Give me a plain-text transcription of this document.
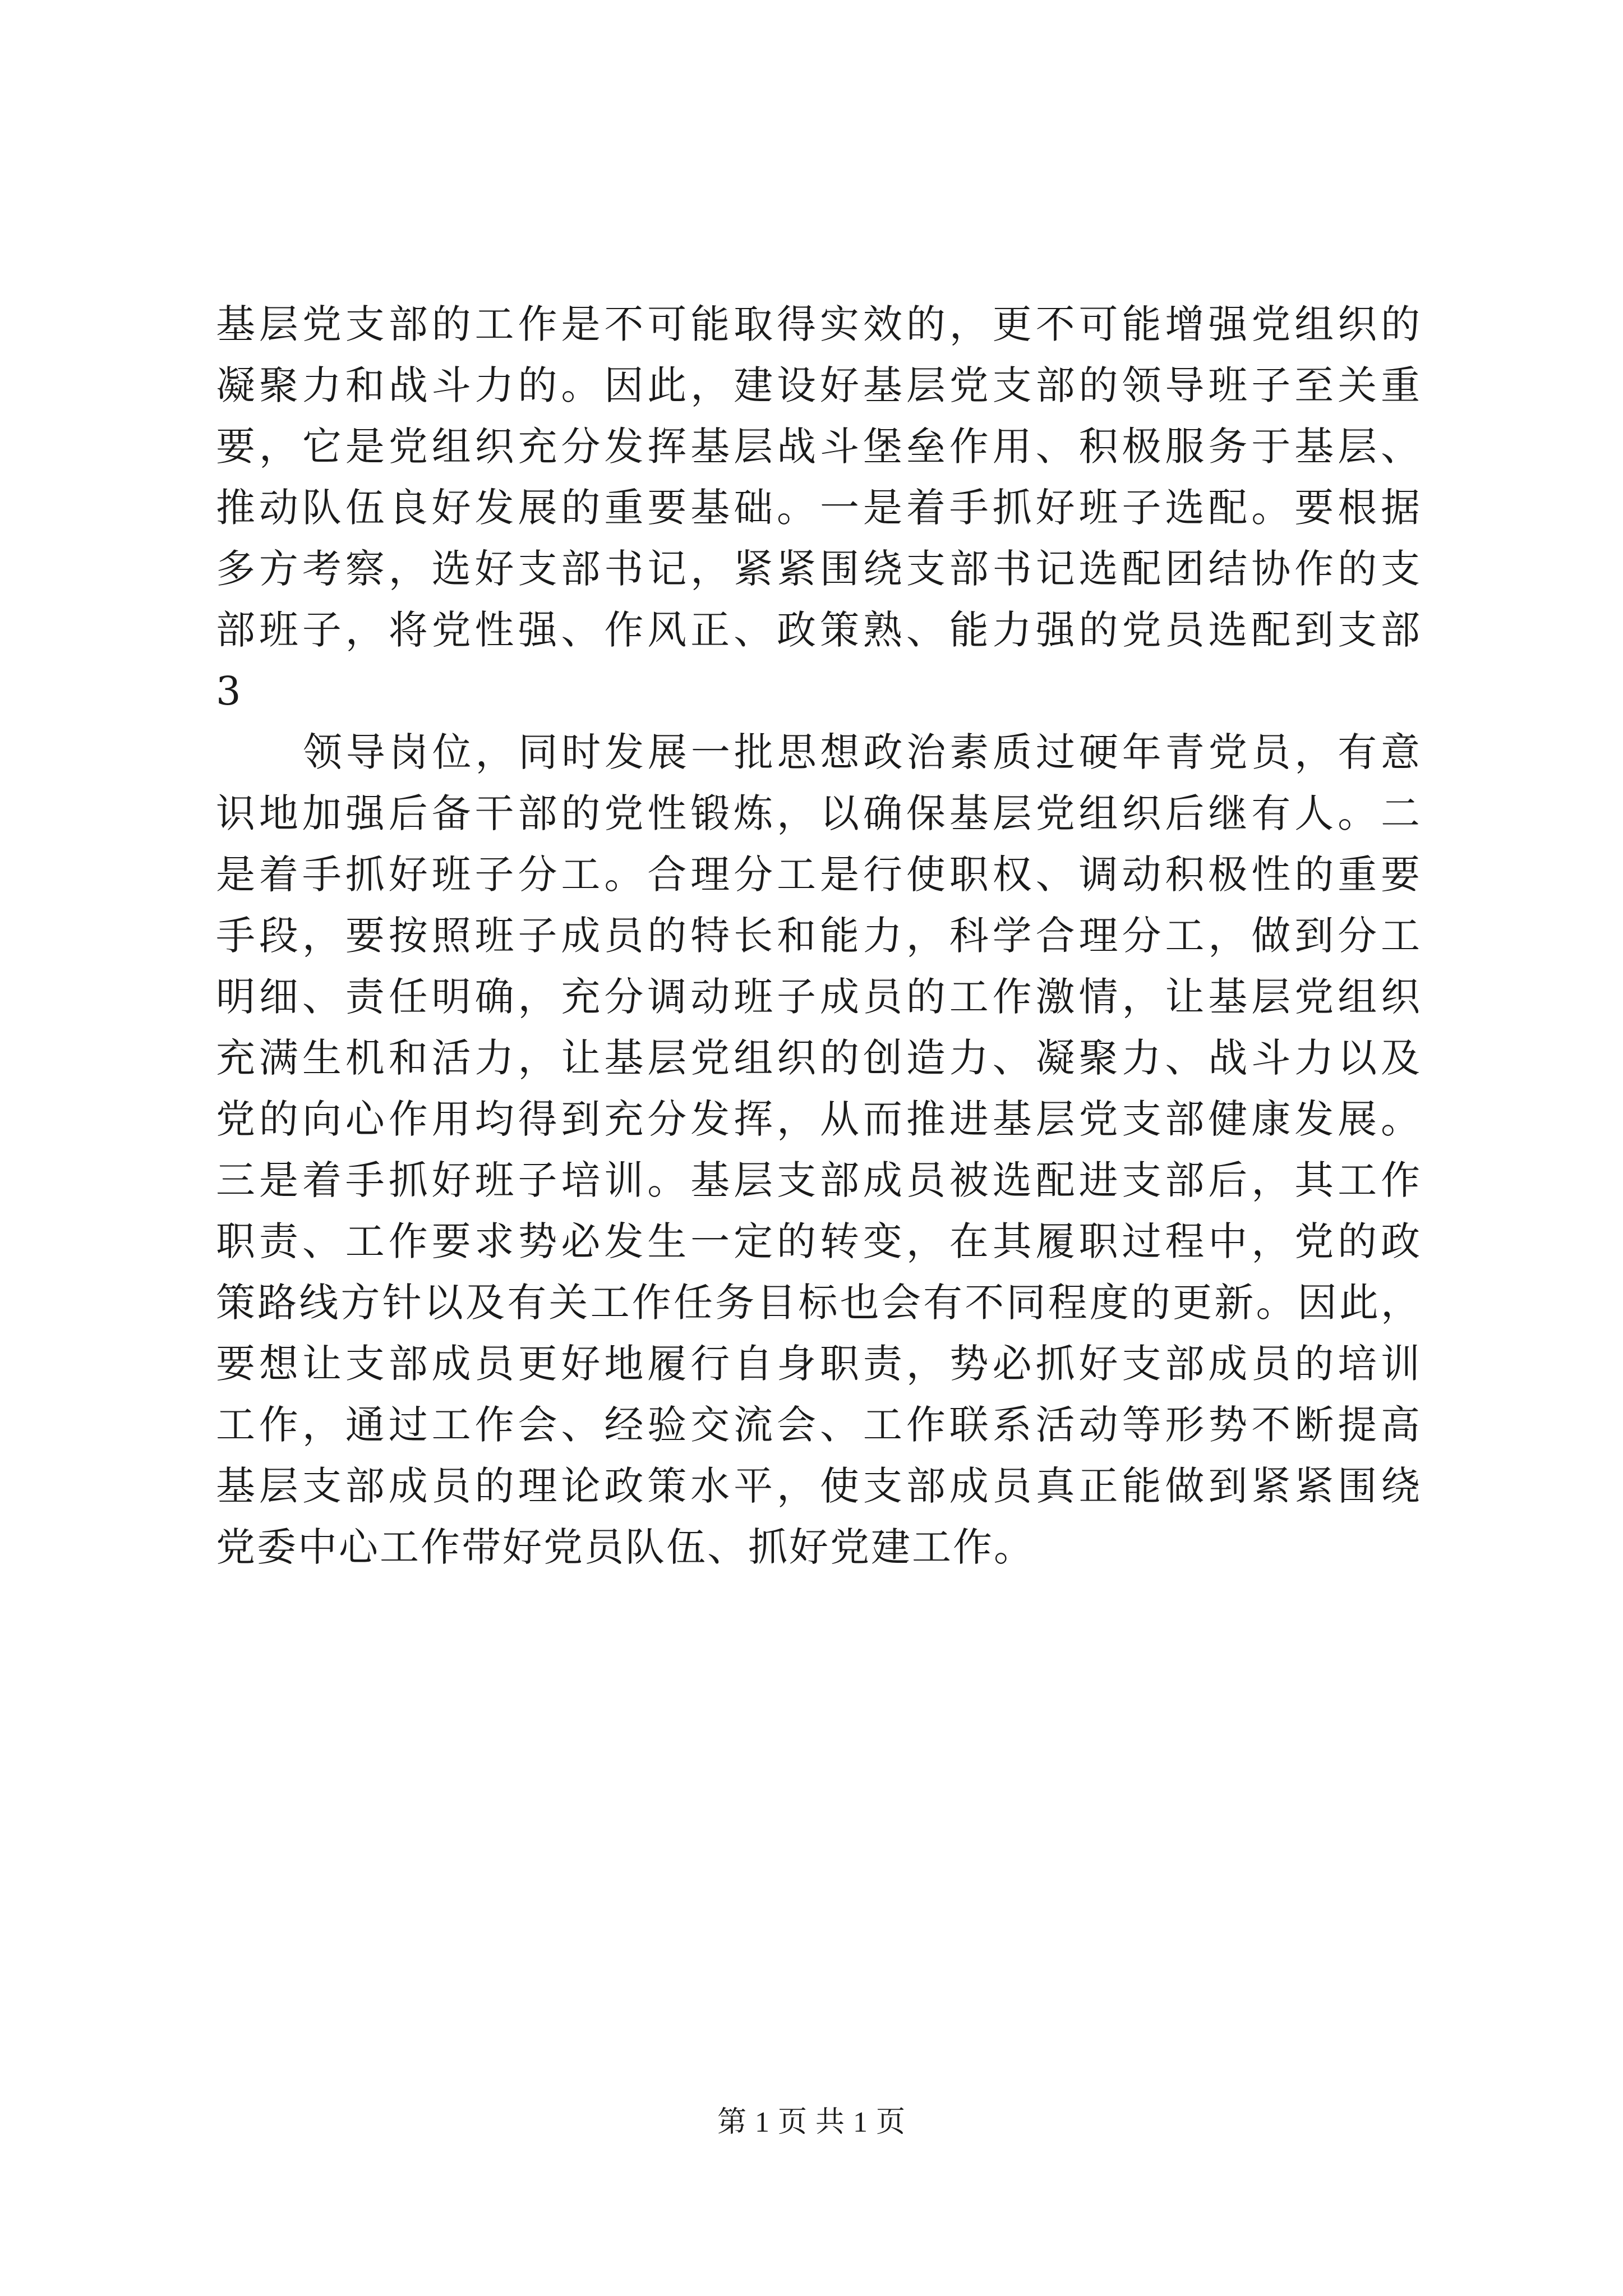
基层党支部的工作是不可能取得实效的，更不可能增强党组织的
凝聚力和战斗力的。因此，建设好基层党支部的领导班子至关重
要，它是党组织充分发挥基层战斗堡垒作用、积极服务于基层、
推动队伍良好发展的重要基础。一是着手抓好班子选配。要根据
多方考察，选好支部书记，紧紧围绕支部书记选配团结协作的支
部班子，将党性强、作风正、政策熟、能力强的党员选配到支部
3
领导岗位，同时发展一批思想政治素质过硬年青党员，有意
识地加强后备干部的党性锻炼，以确保基层党组织后继有人。二
是着手抓好班子分工。合理分工是行使职权、调动积极性的重要
手段，要按照班子成员的特长和能力，科学合理分工，做到分工
明细、责任明确，充分调动班子成员的工作激情，让基层党组织
充满生机和活力，让基层党组织的创造力、凝聚力、战斗力以及
党的向心作用均得到充分发挥，从而推进基层党支部健康发展。
三是着手抓好班子培训。基层支部成员被选配进支部后，其工作
职责、工作要求势必发生一定的转变，在其履职过程中，党的政
策路线方针以及有关工作任务目标也会有不同程度的更新。因此，
要想让支部成员更好地履行自身职责，势必抓好支部成员的培训
工作，通过工作会、经验交流会、工作联系活动等形势不断提高
基层支部成员的理论政策水平，使支部成员真正能做到紧紧围绕
党委中心工作带好党员队伍、抓好党建工作。
第 1 页 共 1 页
